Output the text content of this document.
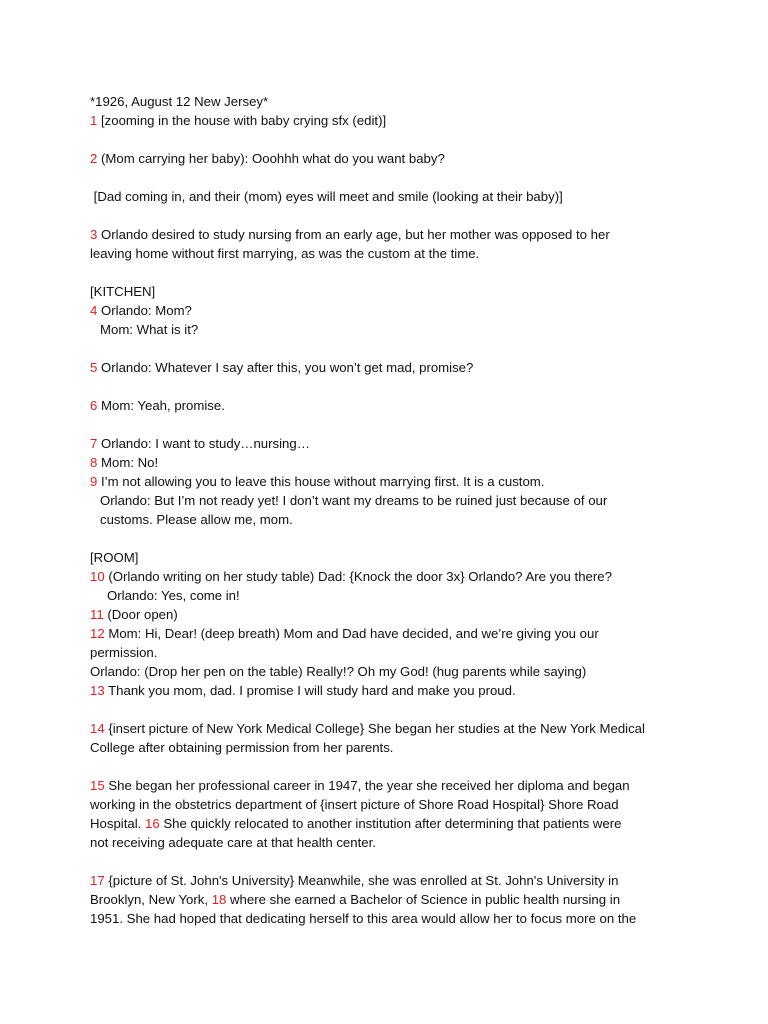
*1926, August 12 New Jersey*
1 [zooming in the house with baby crying sfx (edit)]
2 (Mom carrying her baby): Ooohhh what do you want baby?
[Dad coming in, and their (mom) eyes will meet and smile (looking at their baby)]
3 Orlando desired to study nursing from an early age, but her mother was opposed to her
leaving home without first marrying, as was the custom at the time.
[KITCHEN]
4 Orlando: Mom?
Mom: What is it?
5 Orlando: Whatever I say after this, you won’t get mad, promise?
6 Mom: Yeah, promise.
7 Orlando: I want to study…nursing…
8 Mom: No!
9 I’m not allowing you to leave this house without marrying first. It is a custom.
Orlando: But I’m not ready yet! I don’t want my dreams to be ruined just because of our
customs. Please allow me, mom.
[ROOM]
10 (Orlando writing on her study table) Dad: {Knock the door 3x} Orlando? Are you there?
Orlando: Yes, come in!
11 (Door open)
12 Mom: Hi, Dear! (deep breath) Mom and Dad have decided, and we’re giving you our
permission.
Orlando: (Drop her pen on the table) Really!? Oh my God! (hug parents while saying)
13 Thank you mom, dad. I promise I will study hard and make you proud.
14 {insert picture of New York Medical College} She began her studies at the New York Medical
College after obtaining permission from her parents.
15 She began her professional career in 1947, the year she received her diploma and began
working in the obstetrics department of {insert picture of Shore Road Hospital} Shore Road
Hospital. 16 She quickly relocated to another institution after determining that patients were
not receiving adequate care at that health center.
17 {picture of St. John's University} Meanwhile, she was enrolled at St. John's University in
Brooklyn, New York, 18 where she earned a Bachelor of Science in public health nursing in
1951. She had hoped that dedicating herself to this area would allow her to focus more on the
